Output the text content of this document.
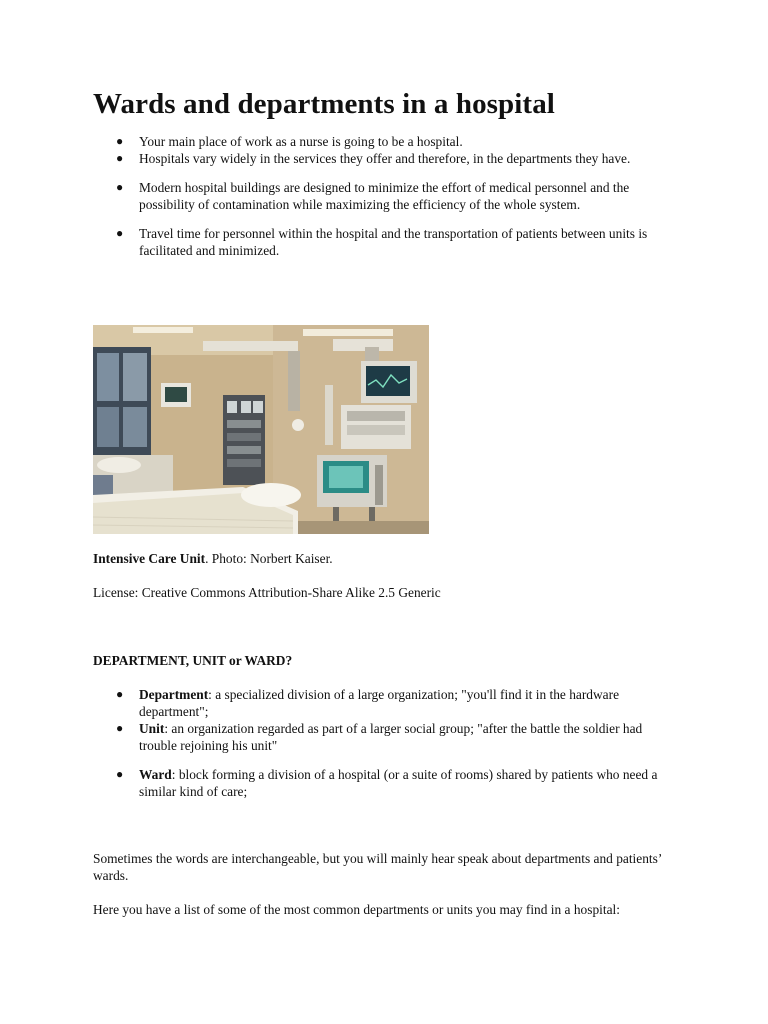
Wards and departments in a hospital
● Your main place of work as a nurse is going to be a hospital.
● Hospitals vary widely in the services they offer and therefore, in the departments they have.
● Modern hospital buildings are designed to minimize the effort of medical personnel and the possibility of contamination while maximizing the efficiency of the whole system.
● Travel time for personnel within the hospital and the transportation of patients between units is facilitated and minimized.

Intensive Care Unit. Photo: Norbert Kaiser.

License: Creative Commons Attribution-Share Alike 2.5 Generic

DEPARTMENT, UNIT or WARD?

● Department: a specialized division of a large organization; "you'll find it in the hardware department";
● Unit: an organization regarded as part of a larger social group; "after the battle the soldier had trouble rejoining his unit"
● Ward: block forming a division of a hospital (or a suite of rooms) shared by patients who need a similar kind of care;

Sometimes the words are interchangeable, but you will mainly hear speak about departments and patients’ wards.

Here you have a list of some of the most common departments or units you may find in a hospital:
